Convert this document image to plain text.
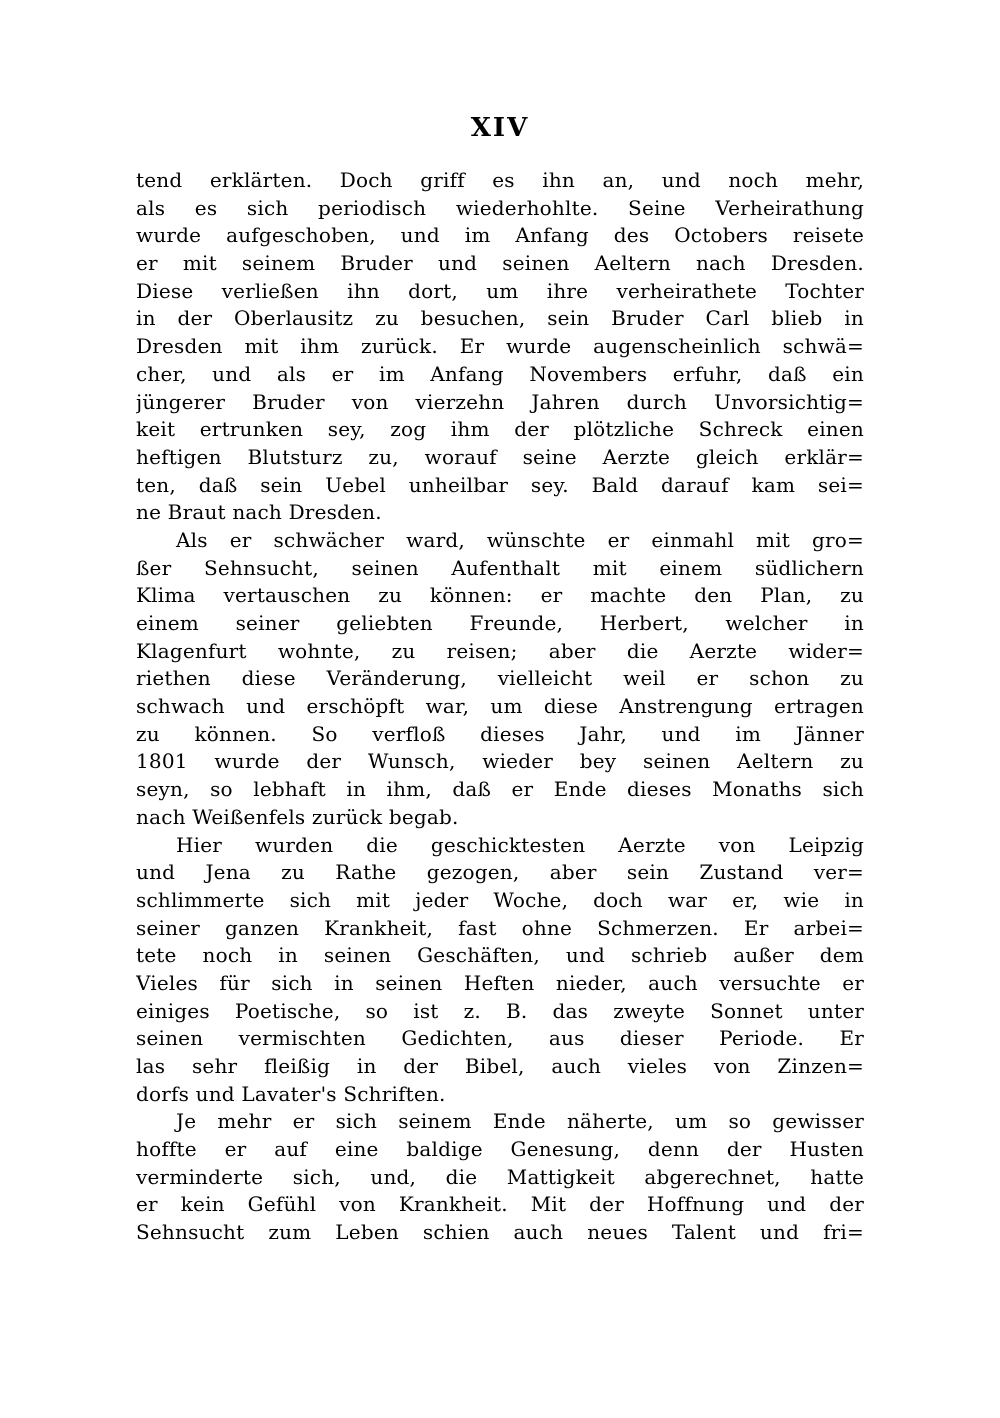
XIV
tend erklärten. Doch griff es ihn an, und noch mehr,
als es sich periodisch wiederhohlte. Seine Verheirathung
wurde aufgeschoben, und im Anfang des Octobers reisete
er mit seinem Bruder und seinen Aeltern nach Dresden.
Diese verließen ihn dort, um ihre verheirathete Tochter
in der Oberlausitz zu besuchen, sein Bruder Carl blieb in
Dresden mit ihm zurück. Er wurde augenscheinlich schwä=
cher, und als er im Anfang Novembers erfuhr, daß ein
jüngerer Bruder von vierzehn Jahren durch Unvorsichtig=
keit ertrunken sey, zog ihm der plötzliche Schreck einen
heftigen Blutsturz zu, worauf seine Aerzte gleich erklär=
ten, daß sein Uebel unheilbar sey. Bald darauf kam sei=
ne Braut nach Dresden.
Als er schwächer ward, wünschte er einmahl mit gro=
ßer Sehnsucht, seinen Aufenthalt mit einem südlichern
Klima vertauschen zu können: er machte den Plan, zu
einem seiner geliebten Freunde, Herbert, welcher in
Klagenfurt wohnte, zu reisen; aber die Aerzte wider=
riethen diese Veränderung, vielleicht weil er schon zu
schwach und erschöpft war, um diese Anstrengung ertragen
zu können. So verfloß dieses Jahr, und im Jänner
1801 wurde der Wunsch, wieder bey seinen Aeltern zu
seyn, so lebhaft in ihm, daß er Ende dieses Monaths sich
nach Weißenfels zurück begab.
Hier wurden die geschicktesten Aerzte von Leipzig
und Jena zu Rathe gezogen, aber sein Zustand ver=
schlimmerte sich mit jeder Woche, doch war er, wie in
seiner ganzen Krankheit, fast ohne Schmerzen. Er arbei=
tete noch in seinen Geschäften, und schrieb außer dem
Vieles für sich in seinen Heften nieder, auch versuchte er
einiges Poetische, so ist z. B. das zweyte Sonnet unter
seinen vermischten Gedichten, aus dieser Periode. Er
las sehr fleißig in der Bibel, auch vieles von Zinzen=
dorfs und Lavater's Schriften.
Je mehr er sich seinem Ende näherte, um so gewisser
hoffte er auf eine baldige Genesung, denn der Husten
verminderte sich, und, die Mattigkeit abgerechnet, hatte
er kein Gefühl von Krankheit. Mit der Hoffnung und der
Sehnsucht zum Leben schien auch neues Talent und fri=
